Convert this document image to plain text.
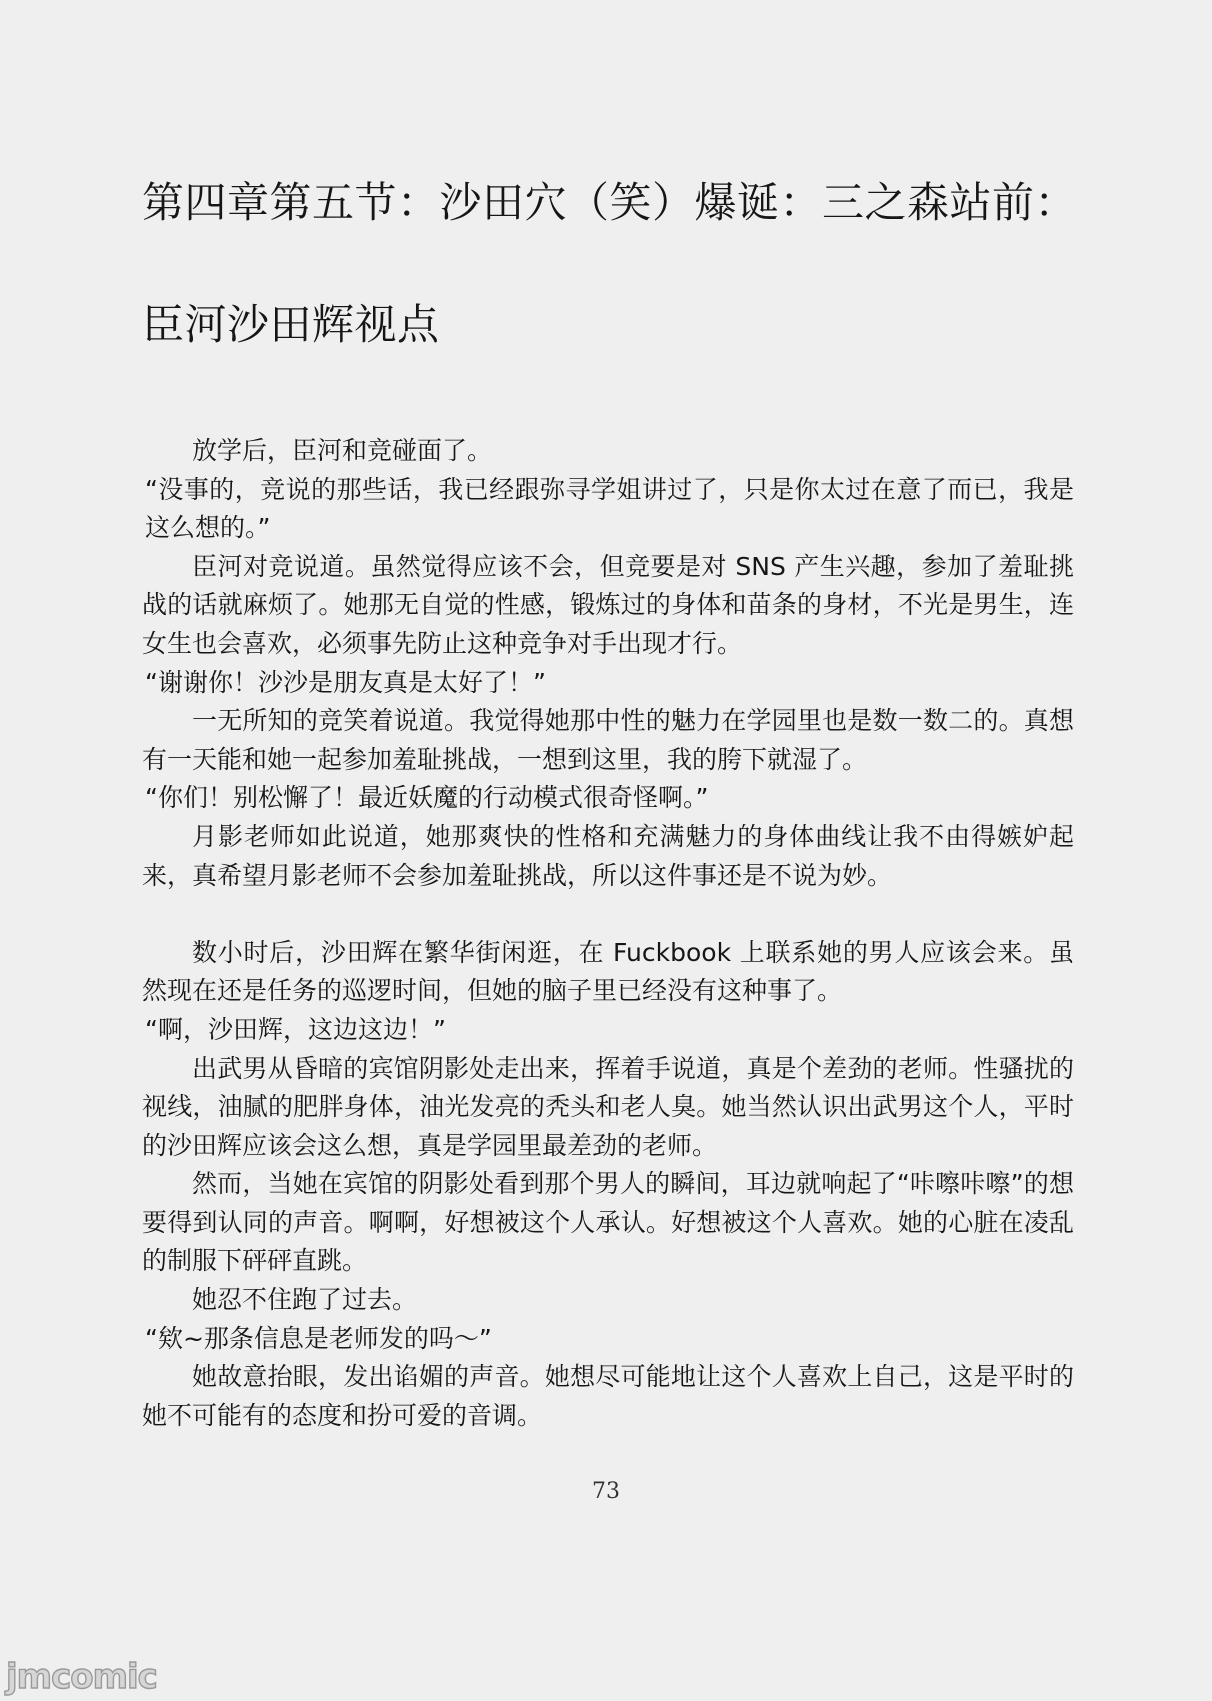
第四章第五节：沙田穴（笑）爆诞：三之森站前：
臣河沙田辉视点

放学后，臣河和竞碰面了。

“没事的，竞说的那些话，我已经跟弥寻学姐讲过了，只是你太过在意了而已，我是这么想的。”

臣河对竞说道。虽然觉得应该不会，但竞要是对 SNS 产生兴趣，参加了羞耻挑战的话就麻烦了。她那无自觉的性感，锻炼过的身体和苗条的身材，不光是男生，连女生也会喜欢，必须事先防止这种竞争对手出现才行。

“谢谢你！沙沙是朋友真是太好了！”

一无所知的竞笑着说道。我觉得她那中性的魅力在学园里也是数一数二的。真想有一天能和她一起参加羞耻挑战，一想到这里，我的胯下就湿了。

“你们！别松懈了！最近妖魔的行动模式很奇怪啊。”

月影老师如此说道，她那爽快的性格和充满魅力的身体曲线让我不由得嫉妒起来，真希望月影老师不会参加羞耻挑战，所以这件事还是不说为妙。

数小时后，沙田辉在繁华街闲逛，在 Fuckbook 上联系她的男人应该会来。虽然现在还是任务的巡逻时间，但她的脑子里已经没有这种事了。

“啊，沙田辉，这边这边！”

出武男从昏暗的宾馆阴影处走出来，挥着手说道，真是个差劲的老师。性骚扰的视线，油腻的肥胖身体，油光发亮的秃头和老人臭。她当然认识出武男这个人，平时的沙田辉应该会这么想，真是学园里最差劲的老师。

然而，当她在宾馆的阴影处看到那个男人的瞬间，耳边就响起了“咔嚓咔嚓”的想要得到认同的声音。啊啊，好想被这个人承认。好想被这个人喜欢。她的心脏在凌乱的制服下砰砰直跳。

她忍不住跑了过去。

“欸~那条信息是老师发的吗～”

她故意抬眼，发出谄媚的声音。她想尽可能地让这个人喜欢上自己，这是平时的她不可能有的态度和扮可爱的音调。

73
jmcomic
